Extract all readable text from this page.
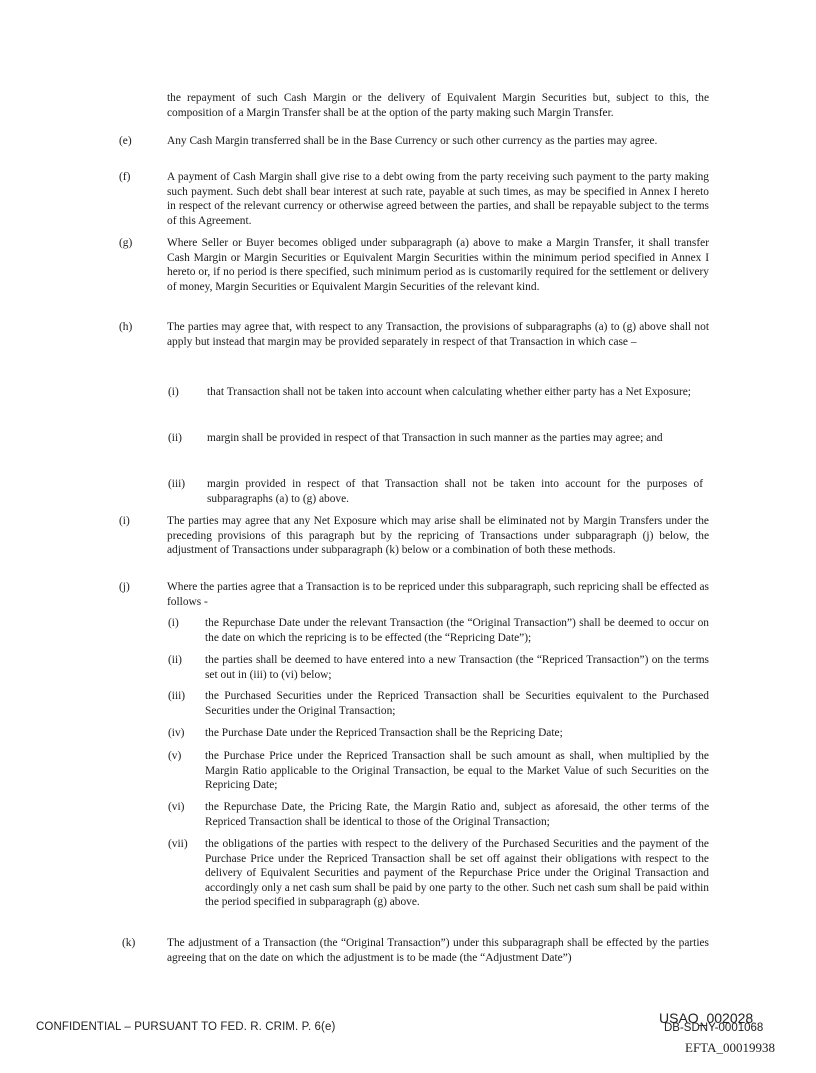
the repayment of such Cash Margin or the delivery of Equivalent Margin Securities but, subject to this, the composition of a Margin Transfer shall be at the option of the party making such Margin Transfer.
(e)	Any Cash Margin transferred shall be in the Base Currency or such other currency as the parties may agree.
(f)	A payment of Cash Margin shall give rise to a debt owing from the party receiving such payment to the party making such payment. Such debt shall bear interest at such rate, payable at such times, as may be specified in Annex I hereto in respect of the relevant currency or otherwise agreed between the parties, and shall be repayable subject to the terms of this Agreement.
(g)	Where Seller or Buyer becomes obliged under subparagraph (a) above to make a Margin Transfer, it shall transfer Cash Margin or Margin Securities or Equivalent Margin Securities within the minimum period specified in Annex I hereto or, if no period is there specified, such minimum period as is customarily required for the settlement or delivery of money, Margin Securities or Equivalent Margin Securities of the relevant kind.
(h)	The parties may agree that, with respect to any Transaction, the provisions of subparagraphs (a) to (g) above shall not apply but instead that margin may be provided separately in respect of that Transaction in which case –
(i) that Transaction shall not be taken into account when calculating whether either party has a Net Exposure;
(ii) margin shall be provided in respect of that Transaction in such manner as the parties may agree; and
(iii) margin provided in respect of that Transaction shall not be taken into account for the purposes of subparagraphs (a) to (g) above.
(i)	The parties may agree that any Net Exposure which may arise shall be eliminated not by Margin Transfers under the preceding provisions of this paragraph but by the repricing of Transactions under subparagraph (j) below, the adjustment of Transactions under subparagraph (k) below or a combination of both these methods.
(j)	Where the parties agree that a Transaction is to be repriced under this subparagraph, such repricing shall be effected as follows -
(i) the Repurchase Date under the relevant Transaction (the “Original Transaction”) shall be deemed to occur on the date on which the repricing is to be effected (the “Repricing Date”);
(ii) the parties shall be deemed to have entered into a new Transaction (the “Repriced Transaction”) on the terms set out in (iii) to (vi) below;
(iii) the Purchased Securities under the Repriced Transaction shall be Securities equivalent to the Purchased Securities under the Original Transaction;
(iv) the Purchase Date under the Repriced Transaction shall be the Repricing Date;
(v) the Purchase Price under the Repriced Transaction shall be such amount as shall, when multiplied by the Margin Ratio applicable to the Original Transaction, be equal to the Market Value of such Securities on the Repricing Date;
(vi) the Repurchase Date, the Pricing Rate, the Margin Ratio and, subject as aforesaid, the other terms of the Repriced Transaction shall be identical to those of the Original Transaction;
(vii) the obligations of the parties with respect to the delivery of the Purchased Securities and the payment of the Purchase Price under the Repriced Transaction shall be set off against their obligations with respect to the delivery of Equivalent Securities and payment of the Repurchase Price under the Original Transaction and accordingly only a net cash sum shall be paid by one party to the other. Such net cash sum shall be paid within the period specified in subparagraph (g) above.
(k)	The adjustment of a Transaction (the “Original Transaction”) under this subparagraph shall be effected by the parties agreeing that on the date on which the adjustment is to be made (the “Adjustment Date”)
CONFIDENTIAL – PURSUANT TO FED. R. CRIM. P. 6(e)
USAO_002028
DB-SDNY-0001068
EFTA_00019938
